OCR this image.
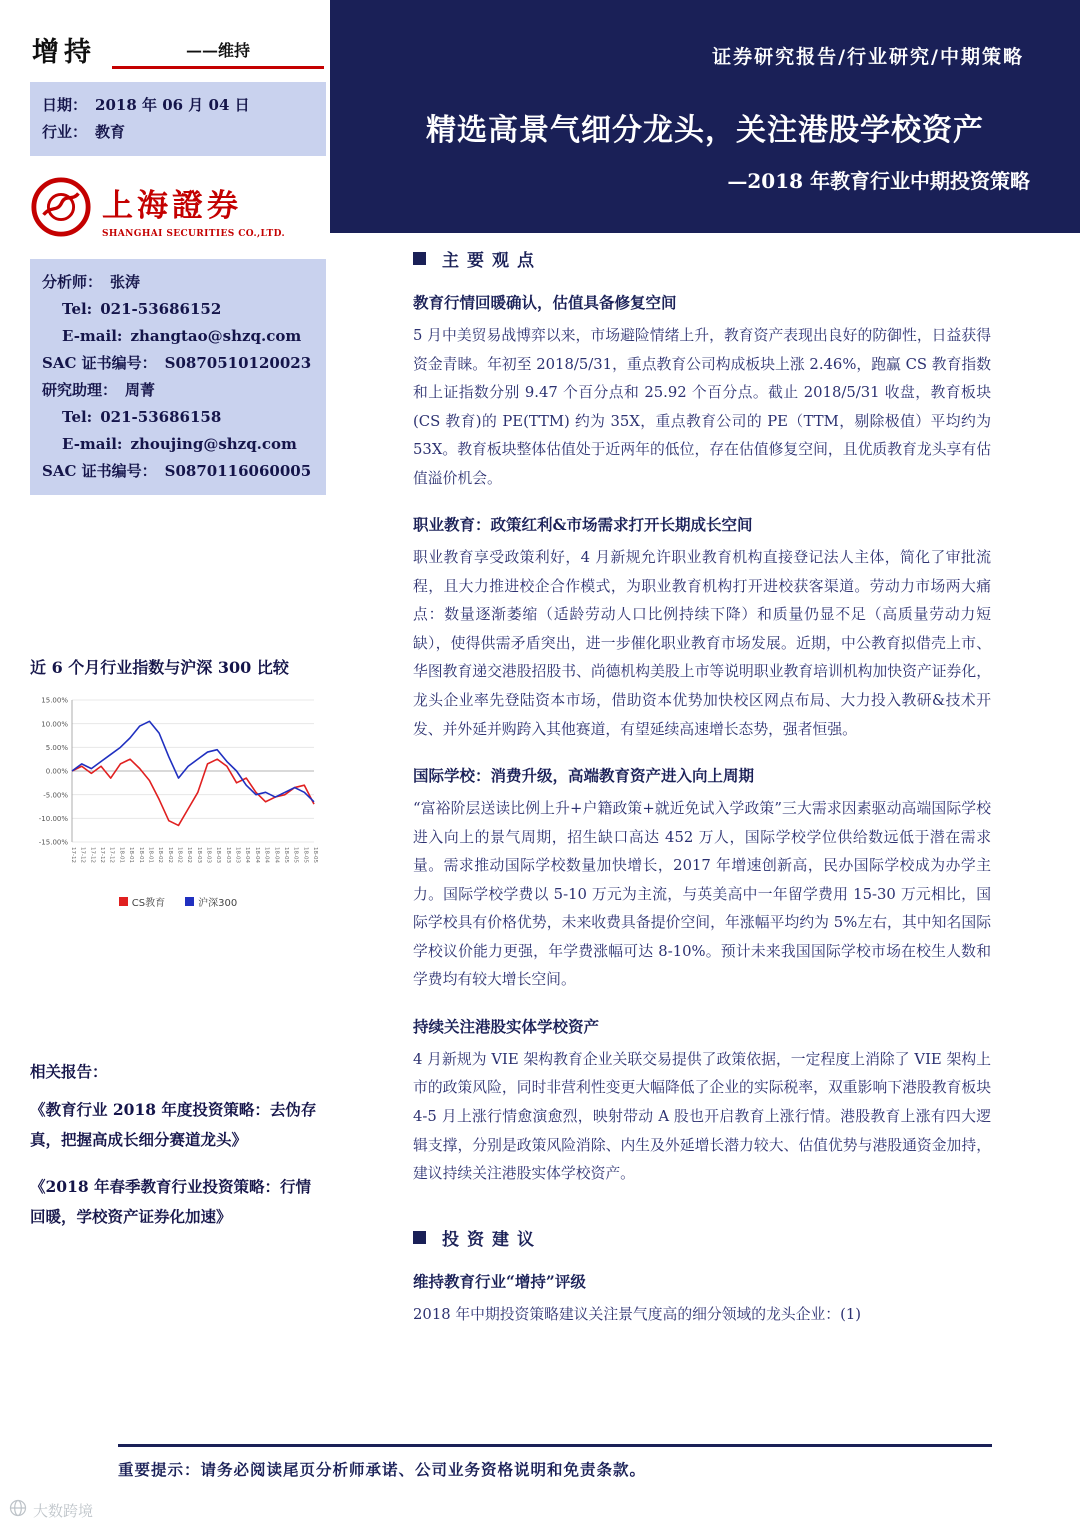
增持	——维持
日期： 2018 年 06 月 04 日
行业： 教育
上海證券
SHANGHAI SECURITIES CO.,LTD.
分析师： 张涛
Tel: 021-53686152
E-mail: zhangtao@shzq.com
SAC 证书编号： S0870510120023
研究助理： 周菁
Tel: 021-53686158
E-mail: zhoujing@shzq.com
SAC 证书编号： S0870116060005
近 6 个月行业指数与沪深 300 比较
15.00%
10.00%
5.00%
0.00%
-5.00%
-10.00%
-15.00%
17-12 17-12 17-12 17-12 17-12 18-01 18-01 18-01 18-01 18-02 18-02 18-02 18-02 18-03 18-03 18-03 18-03 18-03 18-04 18-04 18-04 18-04 18-05 18-05 18-05 18-05
CS教育	沪深300
相关报告：
《教育行业 2018 年度投资策略：去伪存真，把握高成长细分赛道龙头》
《2018 年春季教育行业投资策略：行情回暖，学校资产证券化加速》
证券研究报告/行业研究/中期策略
精选高景气细分龙头，关注港股学校资产
—2018 年教育行业中期投资策略
主要观点
教育行情回暖确认，估值具备修复空间
5 月中美贸易战博弈以来，市场避险情绪上升，教育资产表现出良好的防御性，日益获得资金青睐。年初至 2018/5/31，重点教育公司构成板块上涨 2.46%，跑赢 CS 教育指数和上证指数分别 9.47 个百分点和 25.92 个百分点。截止 2018/5/31 收盘，教育板块(CS 教育)的 PE(TTM) 约为 35X，重点教育公司的 PE（TTM，剔除极值）平均约为 53X。教育板块整体估值处于近两年的低位，存在估值修复空间，且优质教育龙头享有估值溢价机会。
职业教育：政策红利&市场需求打开长期成长空间
职业教育享受政策利好，4 月新规允许职业教育机构直接登记法人主体，简化了审批流程，且大力推进校企合作模式，为职业教育机构打开进校获客渠道。劳动力市场两大痛点：数量逐渐萎缩（适龄劳动人口比例持续下降）和质量仍显不足（高质量劳动力短缺），使得供需矛盾突出，进一步催化职业教育市场发展。近期，中公教育拟借壳上市、华图教育递交港股招股书、尚德机构美股上市等说明职业教育培训机构加快资产证券化，龙头企业率先登陆资本市场，借助资本优势加快校区网点布局、大力投入教研&技术开发、并外延并购跨入其他赛道，有望延续高速增长态势，强者恒强。
国际学校：消费升级，高端教育资产进入向上周期
“富裕阶层送读比例上升+户籍政策+就近免试入学政策”三大需求因素驱动高端国际学校进入向上的景气周期，招生缺口高达 452 万人，国际学校学位供给数远低于潜在需求量。需求推动国际学校数量加快增长，2017 年增速创新高，民办国际学校成为办学主力。国际学校学费以 5-10 万元为主流，与英美高中一年留学费用 15-30 万元相比，国际学校具有价格优势，未来收费具备提价空间，年涨幅平均约为 5%左右，其中知名国际学校议价能力更强，年学费涨幅可达 8-10%。预计未来我国国际学校市场在校生人数和学费均有较大增长空间。
持续关注港股实体学校资产
4 月新规为 VIE 架构教育企业关联交易提供了政策依据，一定程度上消除了 VIE 架构上市的政策风险，同时非营利性变更大幅降低了企业的实际税率，双重影响下港股教育板块 4-5 月上涨行情愈演愈烈，映射带动 A 股也开启教育上涨行情。港股教育上涨有四大逻辑支撑，分别是政策风险消除、内生及外延增长潜力较大、估值优势与港股通资金加持，建议持续关注港股实体学校资产。
投资建议
维持教育行业“增持”评级
2018 年中期投资策略建议关注景气度高的细分领域的龙头企业：(1)
重要提示：请务必阅读尾页分析师承诺、公司业务资格说明和免责条款。
大数跨境
